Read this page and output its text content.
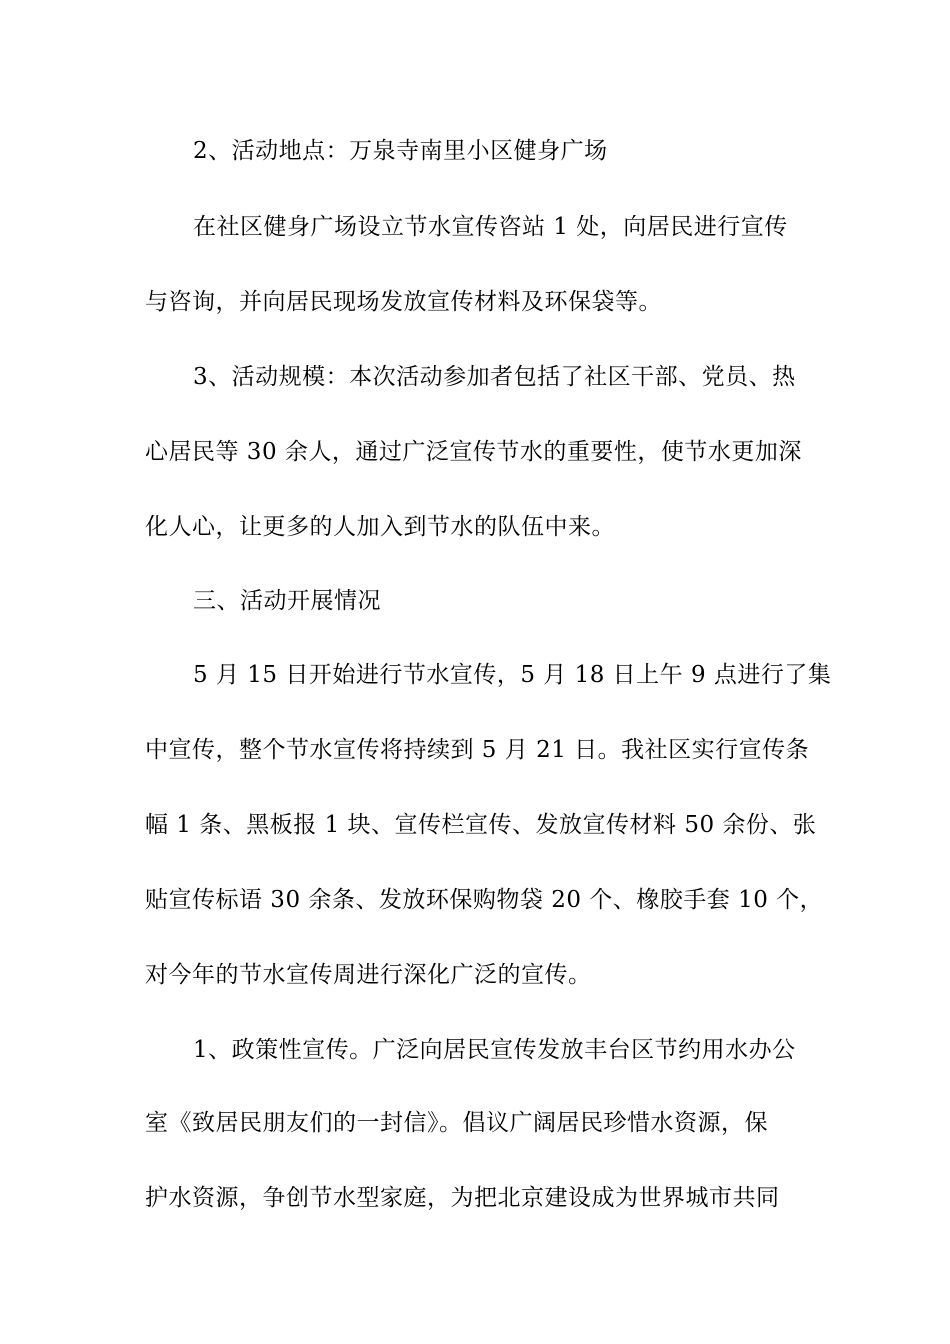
2、活动地点：万泉寺南里小区健身广场
在社区健身广场设立节水宣传咨站 1 处，向居民进行宣传
与咨询，并向居民现场发放宣传材料及环保袋等。
3、活动规模：本次活动参加者包括了社区干部、党员、热
心居民等 30 余人，通过广泛宣传节水的重要性，使节水更加深
化人心，让更多的人加入到节水的队伍中来。
三、活动开展情况
5 月 15 日开始进行节水宣传，5 月 18 日上午 9 点进行了集
中宣传，整个节水宣传将持续到 5 月 21 日。我社区实行宣传条
幅 1 条、黑板报 1 块、宣传栏宣传、发放宣传材料 50 余份、张
贴宣传标语 30 余条、发放环保购物袋 20 个、橡胶手套 10 个，
对今年的节水宣传周进行深化广泛的宣传。
1、政策性宣传。广泛向居民宣传发放丰台区节约用水办公
室《致居民朋友们的一封信》。倡议广阔居民珍惜水资源，保
护水资源，争创节水型家庭，为把北京建设成为世界城市共同
